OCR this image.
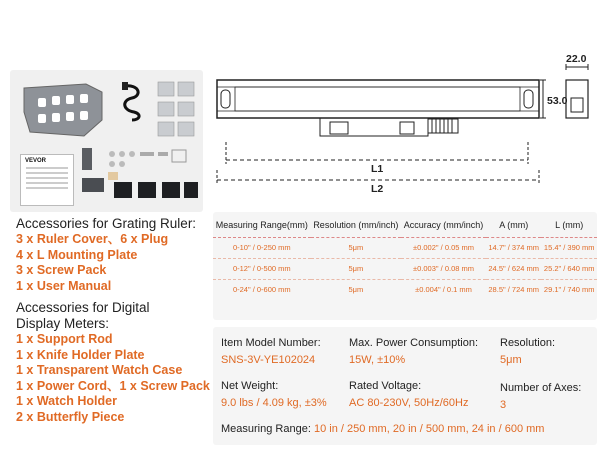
VEVOR
Accessories for Grating Ruler:
3 x Ruler Cover、6 x Plug
4 x L Mounting Plate
3 x Screw Pack
1 x User Manual
Accessories for Digital
Display Meters:
1 x Support Rod
1 x Knife Holder Plate
1 x Transparent Watch Case
1 x Power Cord、1 x Screw Pack
1 x Watch Holder
2 x Butterfly Piece
53.0
22.0
L1
L2
Measuring Range(mm)	Resolution (mm/inch)	Accuracy (mm/inch)	A (mm)	L (mm)
0-10" / 0-250 mm	5μm	±0.002" / 0.05 mm	14.7" / 374 mm	15.4" / 390 mm
0-12" / 0-500 mm	5μm	±0.003" / 0.08 mm	24.5" / 624 mm	25.2" / 640 mm
0-24" / 0-600 mm	5μm	±0.004" / 0.1 mm	28.5" / 724 mm	29.1" / 740 mm
Item Model Number:
SNS-3V-YE102024
Max. Power Consumption:
15W, ±10%
Resolution:
5μm
Net Weight:
9.0 lbs / 4.09 kg, ±3%
Rated Voltage:
AC 80-230V, 50Hz/60Hz
Number of Axes:
3
Measuring Range: 10 in / 250 mm, 20 in / 500 mm, 24 in / 600 mm
